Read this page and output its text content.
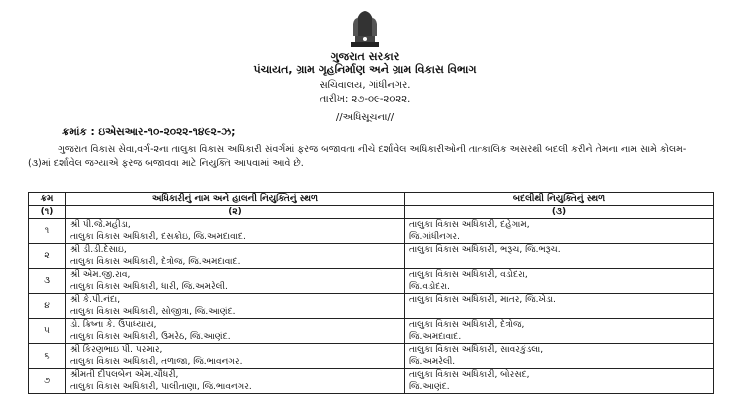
ગુજરાત સરકાર
પંચાયત, ગ્રામ ગૃહનિર્માણ અને ગ્રામ વિકાસ વિભાગ
સચિવાલય, ગાંધીનગર.
તારીખ: ૨૭-૦૯-૨૦૨૨.
//અધિસૂચના//
ક્રમાંક : ઇએસઆર-૧૦-૨૦૨૨-૧૪૯૨-ઝ;
ગુજરાત વિકાસ સેવા,વર્ગ-૨ના તાલુકા વિકાસ અધિકારી સંવર્ગમાં ફરજ બજાવતા નીચે દર્શાવેલ અધિકારીઓની તાત્કાલિક અસરથી બદલી કરીને તેમના નામ સામે કોલમ-(૩)માં દર્શાવેલ જગ્યાએ ફરજ બજાવવા માટે નિયુક્તિ આપવામાં આવે છે.
ક્રમ	અધિકારીનું નામ અને હાલની નિયુક્તિનું સ્થળ	બદલીથી નિયુક્તિનું સ્થળ
(૧)	(૨)	(૩)
૧	શ્રી પી.જે.મહીડા,
તાલુકા વિકાસ અધિકારી, દસક્રોઇ, જિ.અમદાવાદ.	તાલુકા વિકાસ અધિકારી, દહેગામ,
જિ.ગાંધીનગર.

૨	શ્રી ડી.ડી.દેસાઇ,
તાલુકા વિકાસ અધિકારી, દેત્રોજ, જિ.અમદાવાદ.	તાલુકા વિકાસ અધિકારી, ભરૂચ, જિ.ભરૂચ.

૩	શ્રી એમ.જી.રાવ,
તાલુકા વિકાસ અધિકારી, ધારી, જિ.અમરેલી.	તાલુકા વિકાસ અધિકારી, વડોદરા,
જિ.વડોદરા.

૪	શ્રી કે.પી.નંદા,
તાલુકા વિકાસ અધિકારી, સોજીત્રા, જિ.આણંદ.	તાલુકા વિકાસ અધિકારી, માતર, જિ.ખેડા.

૫	ડો. ક્રિષ્ના કે. ઉપાધ્યાય,
તાલુકા વિકાસ અધિકારી, ઉમરેઠ, જિ.આણંદ.	તાલુકા વિકાસ અધિકારી, દેત્રોજ,
જિ.અમદાવાદ.

૬	શ્રી કિરણભાઇ પી. પરમાર,
તાલુકા વિકાસ અધિકારી, તળાજા, જિ.ભાવનગર.	તાલુકા વિકાસ અધિકારી, સાવરકુંડલા,
જિ.અમરેલી.

૭	શ્રીમતી દીપલબેન એમ.ચૌધરી,
તાલુકા વિકાસ અધિકારી, પાલીતાણા, જિ.ભાવનગર.	તાલુકા વિકાસ અધિકારી, બોરસદ,
જિ.આણંદ.
